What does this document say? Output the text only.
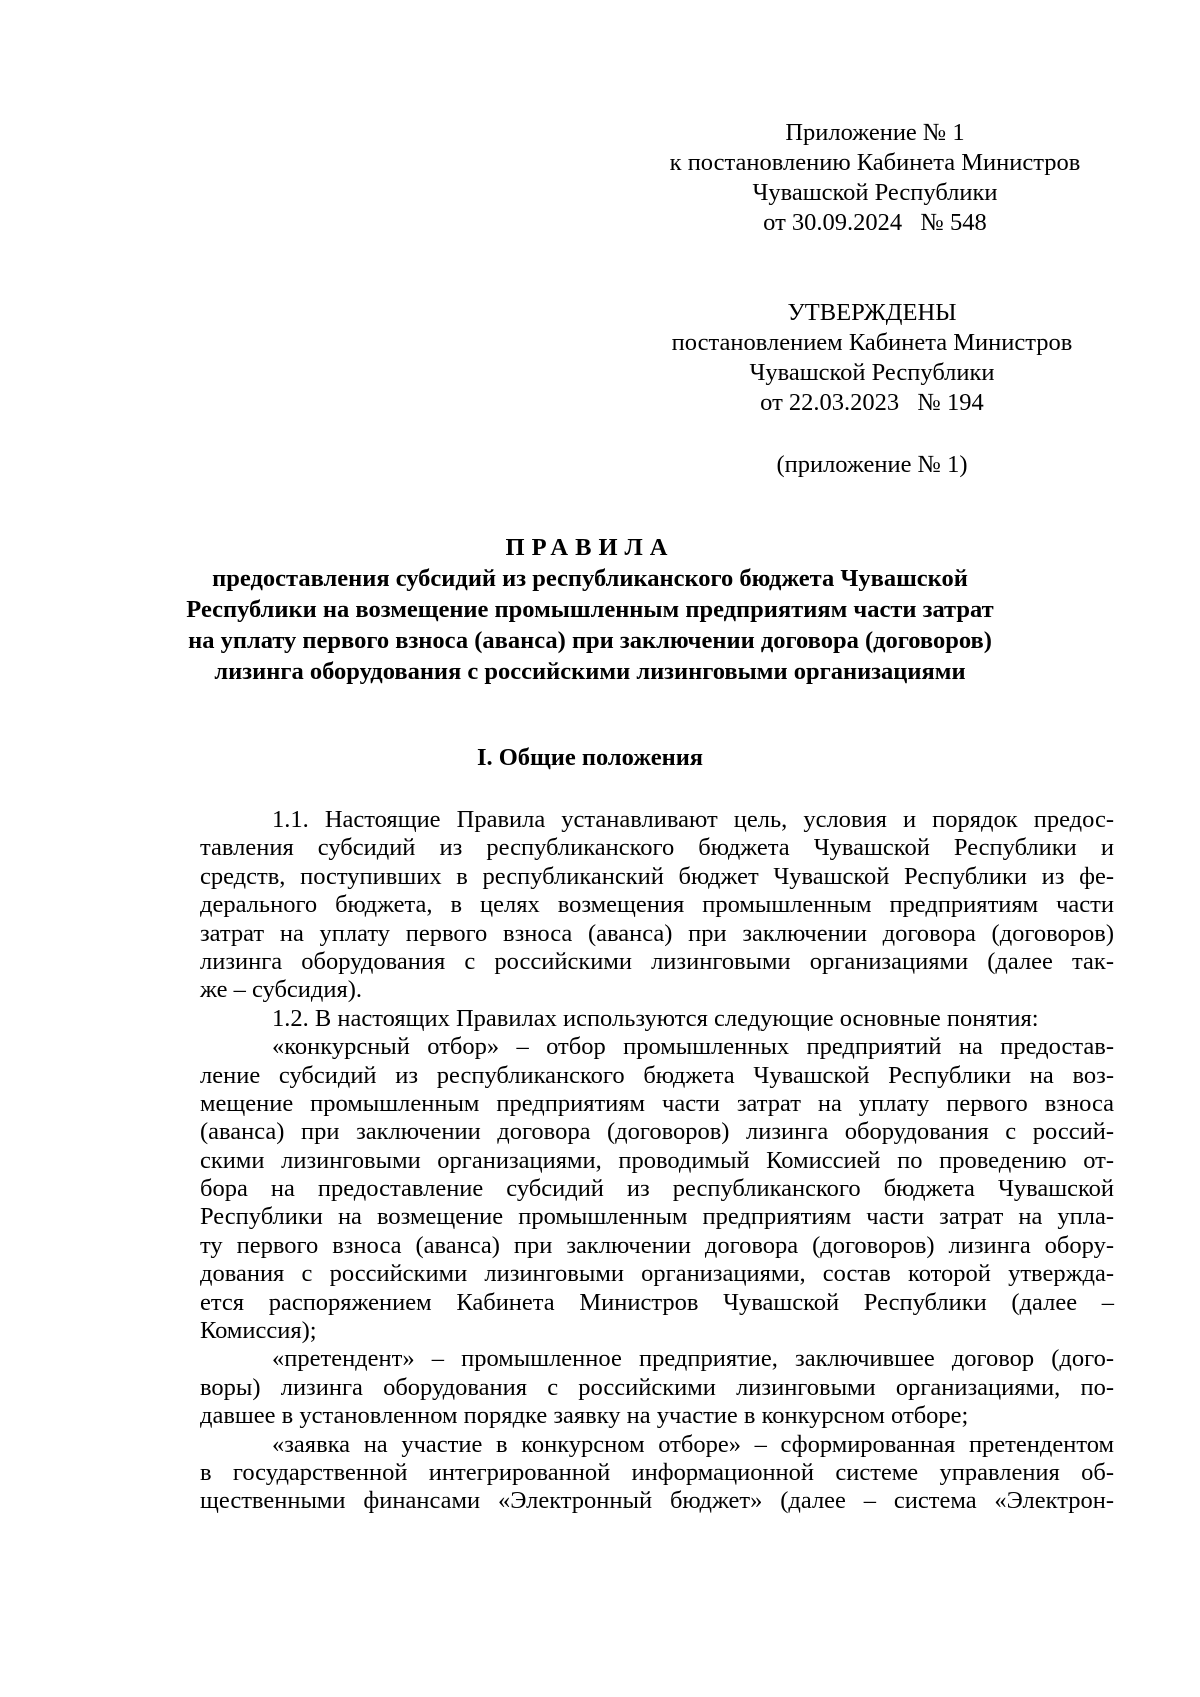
Приложение № 1
к постановлению Кабинета Министров
Чувашской Республики
от 30.09.2024   № 548
УТВЕРЖДЕНЫ
постановлением Кабинета Министров
Чувашской Республики
от 22.03.2023   № 194
(приложение № 1)
ПРАВИЛА
предоставления субсидий из республиканского бюджета Чувашской
Республики на возмещение промышленным предприятиям части затрат
на уплату первого взноса (аванса) при заключении договора (договоров)
лизинга оборудования с российскими лизинговыми организациями
I. Общие положения
1.1. Настоящие Правила устанавливают цель, условия и порядок предос-
тавления субсидий из республиканского бюджета Чувашской Республики и
средств, поступивших в республиканский бюджет Чувашской Республики из фе-
дерального бюджета, в целях возмещения промышленным предприятиям части
затрат на уплату первого взноса (аванса) при заключении договора (договоров)
лизинга оборудования с российскими лизинговыми организациями (далее так-
же – субсидия).
1.2. В настоящих Правилах используются следующие основные понятия:
«конкурсный отбор» – отбор промышленных предприятий на предостав-
ление субсидий из республиканского бюджета Чувашской Республики на воз-
мещение промышленным предприятиям части затрат на уплату первого взноса
(аванса) при заключении договора (договоров) лизинга оборудования с россий-
скими лизинговыми организациями, проводимый Комиссией по проведению от-
бора на предоставление субсидий из республиканского бюджета Чувашской
Республики на возмещение промышленным предприятиям части затрат на упла-
ту первого взноса (аванса) при заключении договора (договоров) лизинга обору-
дования с российскими лизинговыми организациями, состав которой утвержда-
ется распоряжением Кабинета Министров Чувашской Республики (далее –
Комиссия);
«претендент» – промышленное предприятие, заключившее договор (дого-
воры) лизинга оборудования с российскими лизинговыми организациями, по-
давшее в установленном порядке заявку на участие в конкурсном отборе;
«заявка на участие в конкурсном отборе» – сформированная претендентом
в государственной интегрированной информационной системе управления об-
щественными финансами «Электронный бюджет» (далее – система «Электрон-
